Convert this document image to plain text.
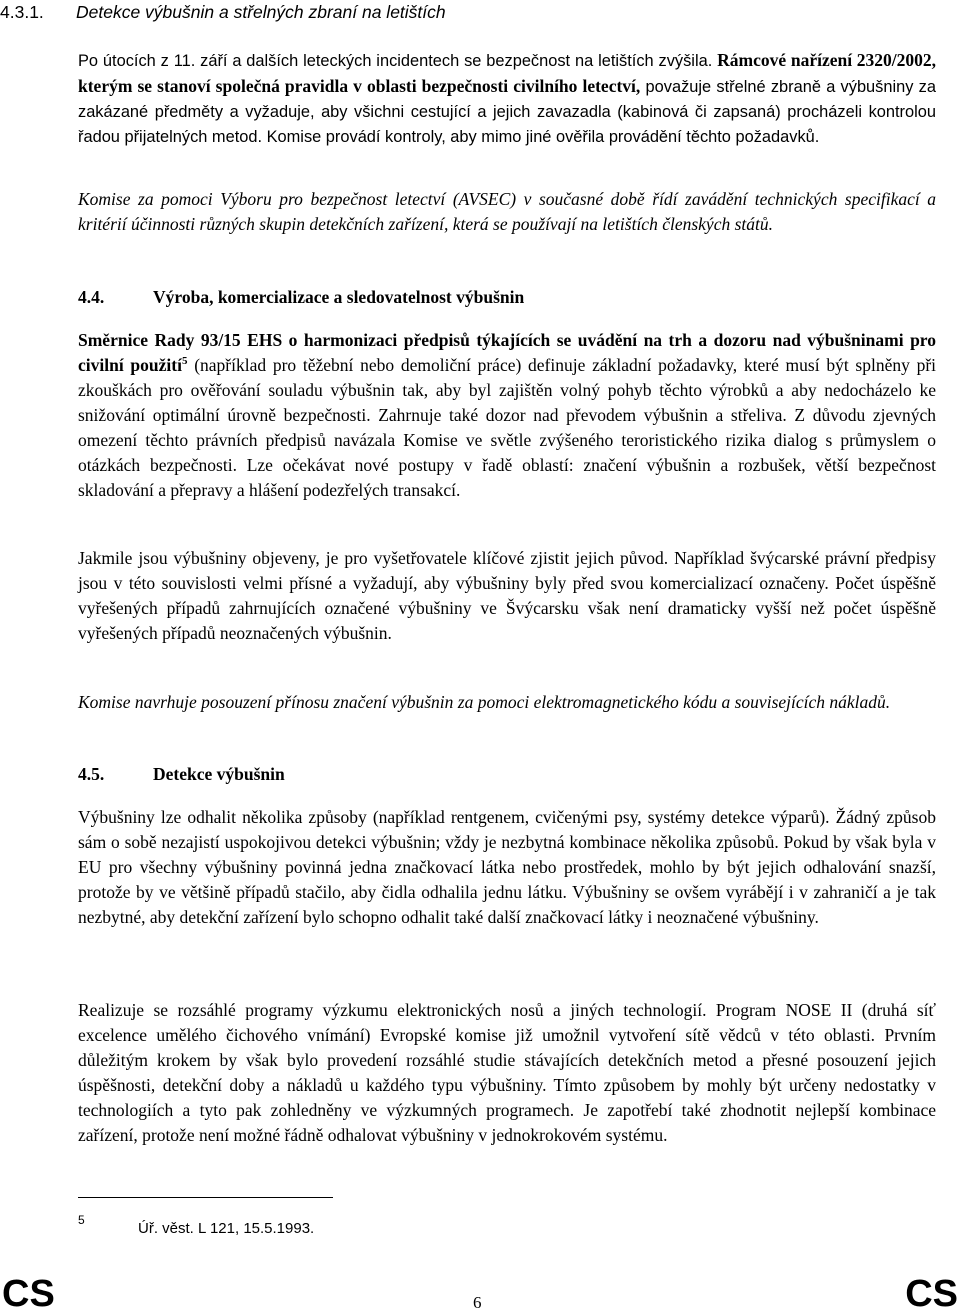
4.3.1.	Detekce výbušnin a střelných zbraní na letištích

Po útocích z 11. září a dalších leteckých incidentech se bezpečnost na letištích zvýšila. Rámcové nařízení 2320/2002, kterým se stanoví společná pravidla v oblasti bezpečnosti civilního letectví, považuje střelné zbraně a výbušniny za zakázané předměty a vyžaduje, aby všichni cestující a jejich zavazadla (kabinová či zapsaná) procházeli kontrolou řadou přijatelných metod. Komise provádí kontroly, aby mimo jiné ověřila provádění těchto požadavků.

Komise za pomoci Výboru pro bezpečnost letectví (AVSEC) v současné době řídí zavádění technických specifikací a kritérií účinnosti různých skupin detekčních zařízení, která se používají na letištích členských států.

4.4.	Výroba, komercializace a sledovatelnost výbušnin

Směrnice Rady 93/15 EHS o harmonizaci předpisů týkajících se uvádění na trh a dozoru nad výbušninami pro civilní použití$^5$ (například pro těžební nebo demoliční práce) definuje základní požadavky, které musí být splněny při zkouškách pro ověřování souladu výbušnin tak, aby byl zajištěn volný pohyb těchto výrobků a aby nedocházelo ke snižování optimální úrovně bezpečnosti. Zahrnuje také dozor nad převodem výbušnin a střeliva. Z důvodu zjevných omezení těchto právních předpisů navázala Komise ve světle zvýšeného teroristického rizika dialog s průmyslem o otázkách bezpečnosti. Lze očekávat nové postupy v řadě oblastí: značení výbušnin a rozbušek, větší bezpečnost skladování a přepravy a hlášení podezřelých transakcí.

Jakmile jsou výbušniny objeveny, je pro vyšetřovatele klíčové zjistit jejich původ. Například švýcarské právní předpisy jsou v této souvislosti velmi přísné a vyžadují, aby výbušniny byly před svou komercializací označeny. Počet úspěšně vyřešených případů zahrnujících označené výbušniny ve Švýcarsku však není dramaticky vyšší než počet úspěšně vyřešených případů neoznačených výbušnin.

Komise navrhuje posouzení přínosu značení výbušnin za pomoci elektromagnetického kódu a souvisejících nákladů.

4.5.	Detekce výbušnin

Výbušniny lze odhalit několika způsoby (například rentgenem, cvičenými psy, systémy detekce výparů). Žádný způsob sám o sobě nezajistí uspokojivou detekci výbušnin; vždy je nezbytná kombinace několika způsobů. Pokud by však byla v EU pro všechny výbušniny povinná jedna značkovací látka nebo prostředek, mohlo by být jejich odhalování snazší, protože by ve většině případů stačilo, aby čidla odhalila jednu látku. Výbušniny se ovšem vyrábějí i v zahraničí a je tak nezbytné, aby detekční zařízení bylo schopno odhalit také další značkovací látky i neoznačené výbušniny.

Realizuje se rozsáhlé programy výzkumu elektronických nosů a jiných technologií. Program NOSE II (druhá síť excelence umělého čichového vnímání) Evropské komise již umožnil vytvoření sítě vědců v této oblasti. Prvním důležitým krokem by však bylo provedení rozsáhlé studie stávajících detekčních metod a přesné posouzení jejich úspěšnosti, detekční doby a nákladů u každého typu výbušniny. Tímto způsobem by mohly být určeny nedostatky v technologiích a tyto pak zohledněny ve výzkumných programech. Je zapotřebí také zhodnotit nejlepší kombinace zařízení, protože není možné řádně odhalovat výbušniny v jednokrokovém systému.

5	Úř. věst. L 121, 15.5.1993.
CS	6	CS
